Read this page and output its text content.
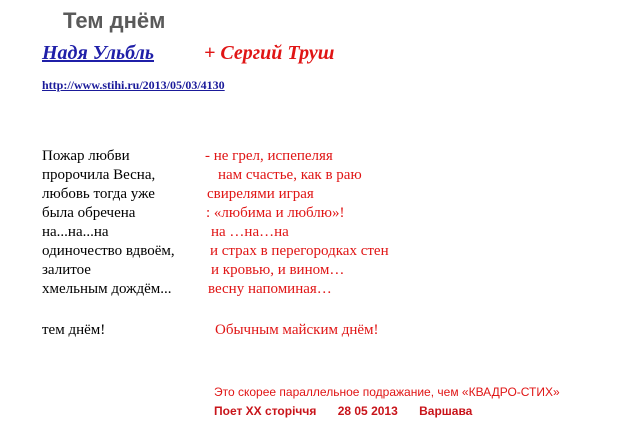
Тем днём
Надя Ульбль	+ Сергий Труш
http://www.stihi.ru/2013/05/03/4130
Пожар любви
пророчила Весна,
любовь тогда уже
была обречена
на...на...на
одиночество вдвоём,
залитое
хмельным дождём...
- не грел, испепеляя
нам счастье, как в раю
свирелями играя
: «любима и люблю»!
на …на…на
и страх в перегородках стен
и кровью, и вином…
весну напоминая…
тем днём!	Обычным майским днём!
Это скорее параллельное подражание, чем «КВАДРО-СТИХ»
Поет ХХ сторіччя 28 05 2013 Варшава
